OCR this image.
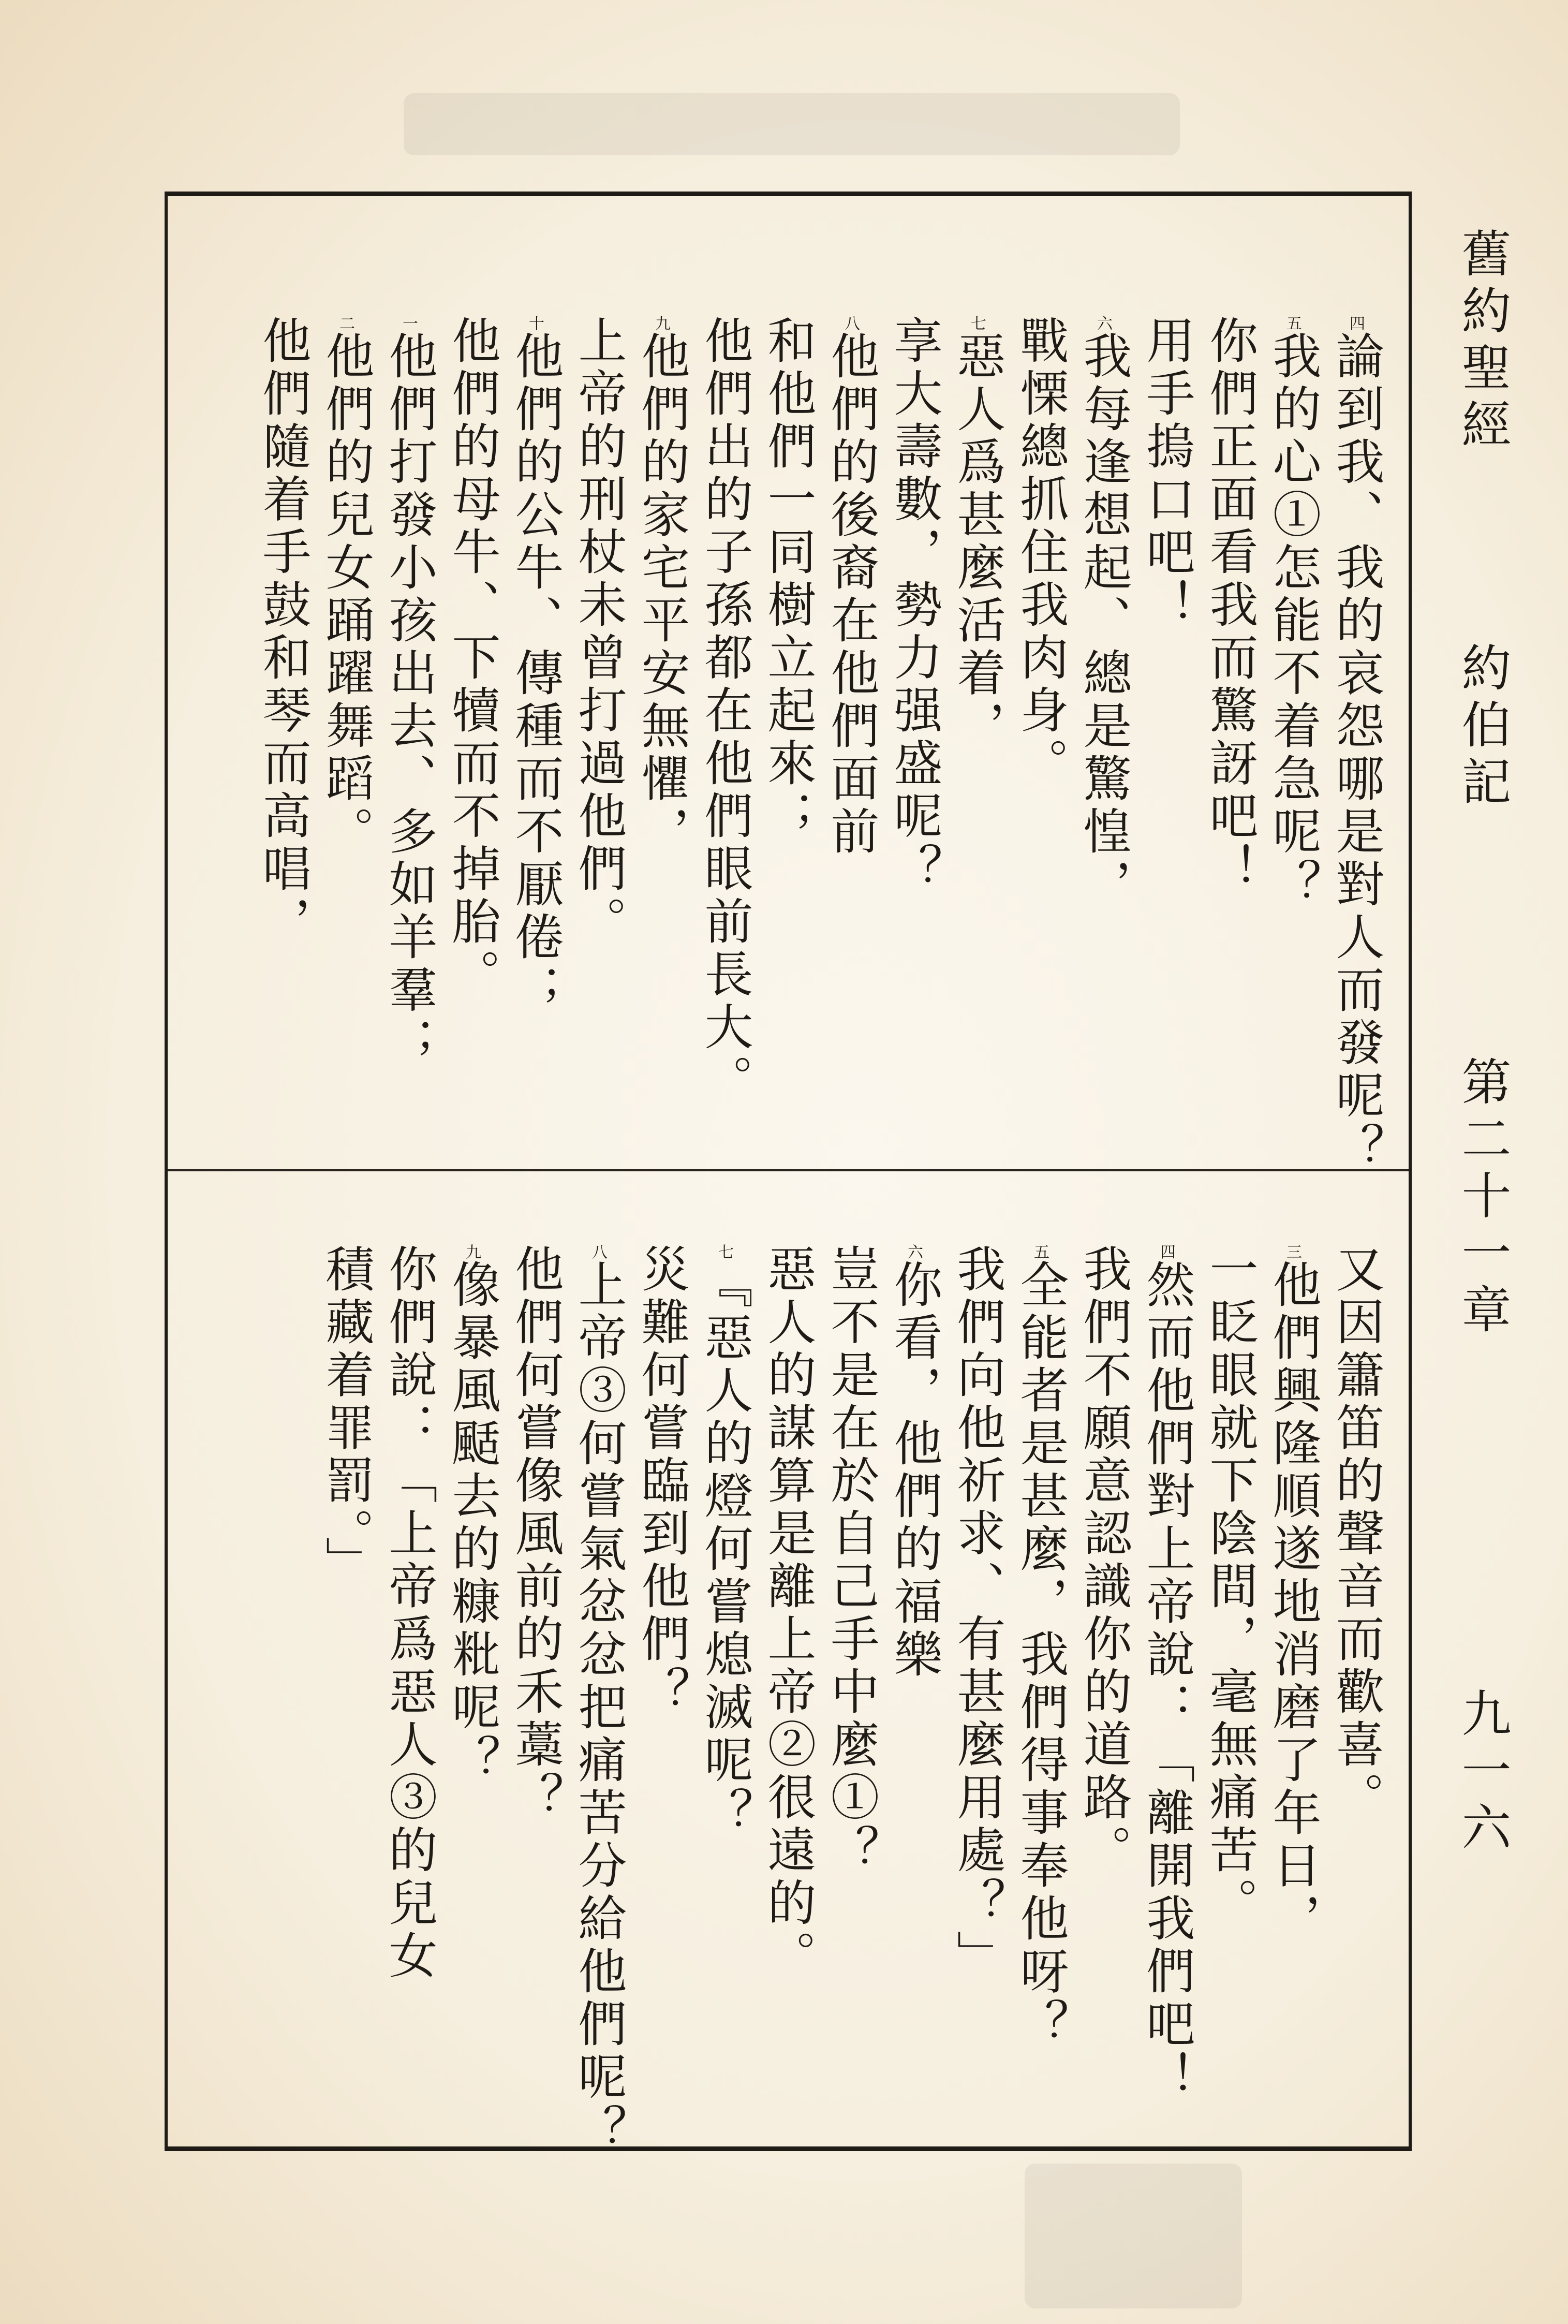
舊約聖經
約伯記
第二十一章
九一六
四論到我、我的哀怨哪是對人而發呢？
五我的心①怎能不着急呢？
你們正面看我而驚訝吧！
用手摀口吧！
六我每逢想起、總是驚惶，
戰慄總抓住我肉身。
七惡人爲甚麼活着，
享大壽數，勢力强盛呢？
八他們的後裔在他們面前
和他們一同樹立起來；
他們出的子孫都在他們眼前長大。
九他們的家宅平安無懼，
上帝的刑杖未曾打過他們。
十他們的公牛、傳種而不厭倦；
他們的母牛、下犢而不掉胎。
一他們打發小孩出去、多如羊羣；
二他們的兒女踊躍舞蹈。
他們隨着手鼓和琴而高唱，
又因簫笛的聲音而歡喜。
三他們興隆順遂地消磨了年日，
一眨眼就下陰間，毫無痛苦。
四然而他們對上帝說：「離開我們吧！
我們不願意認識你的道路。
五全能者是甚麼，我們得事奉他呀？
我們向他祈求、有甚麼用處？」
六你看，他們的福樂
豈不是在於自己手中麼①？
惡人的謀算是離上帝②很遠的。
七『惡人的燈何嘗熄滅呢？
災難何嘗臨到他們？
八上帝③何嘗氣忿忿把痛苦分給他們呢？
他們何嘗像風前的禾藁？
九像暴風颳去的糠粃呢？
你們說：「上帝爲惡人③的兒女
積藏着罪罰。」
